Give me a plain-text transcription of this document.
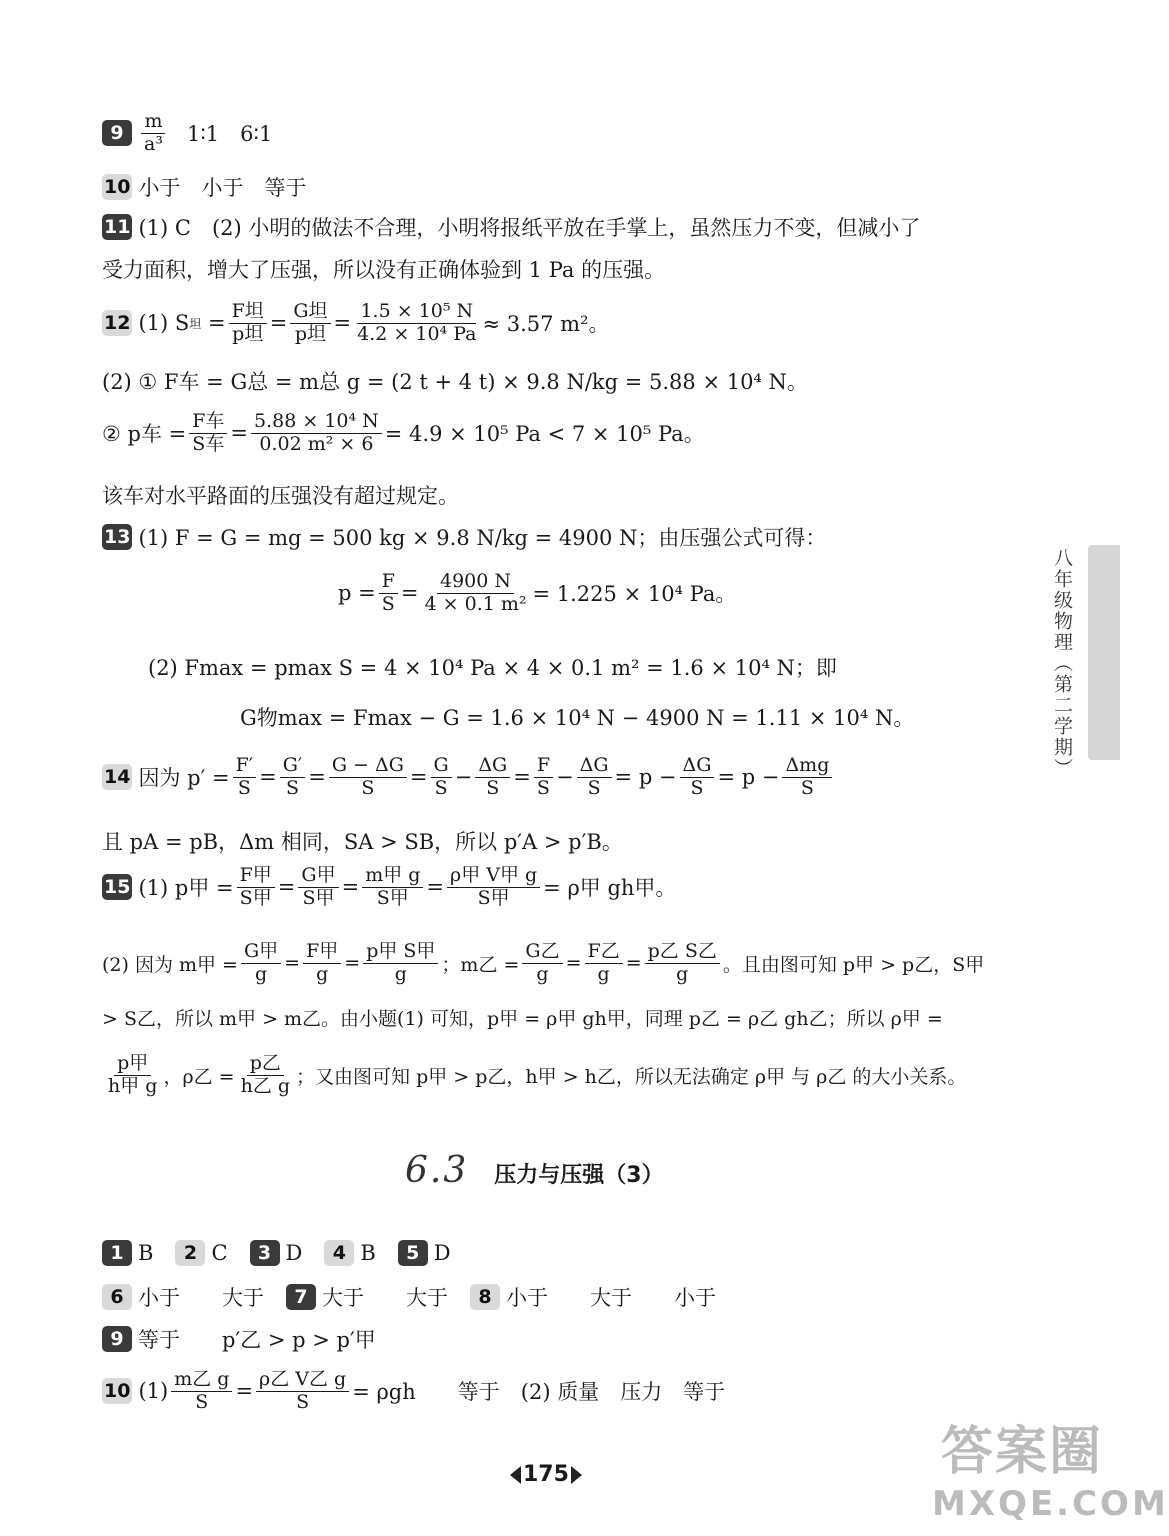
$9 \frac{m}{\text{a³}}$ 1∶1　6∶1
10 小于　小于　等于
11 (1) C　(2) 小明的做法不合理，小明将报纸平放在手掌上，虽然压力不变，但减小了
受力面积，增大了压强，所以没有正确体验到 1 Pa 的压强。
12 (1) S 坦 = $\frac{\text{F坦}}{\text{p坦}} = \frac{\text{G坦}}{\text{p坦}} = \frac{\text{1.5 × 10⁵ N}}{\text{4.2 × 10⁴ Pa}} \approx 3.57$ m²。
(2) ① F车 = G总 = m总 g = (2 t + 4 t) × 9.8 N/kg = 5.88 × 10⁴ N。
② p车 = $\frac{\text{F车}}{\text{S车}} = \frac{\text{5.88 × 10⁴ N}}{\text{0.02 m² × 6}} = 4.9 \times 10^5$ Pa < 7 × 10⁵ Pa。
该车对水平路面的压强没有超过规定。
13 (1) F = G = mg = 500 kg × 9.8 N/kg = 4900 N；由压强公式可得：
$p = \frac{F}{S} = \frac{4900 N}{\text{4 × 0.1 m²}} = 1.225 \times 10^4$ Pa。
(2) Fmax = pmax S = 4 × 10⁴ Pa × 4 × 0.1 m² = 1.6 × 10⁴ N；即
G物max = Fmax − G = 1.6 × 10⁴ N − 4900 N = 1.11 × 10⁴ N。
14 因为 $p' = \frac{F'}{S} = \frac{G'}{S} = \frac{G - \Delta G}{S} = \frac{G}{S} - \frac{\Delta G}{S} = \frac{F}{S} - \frac{\Delta G}{S} = p - \frac{\Delta G}{S} = p - \frac{\text{Δmg}}{S}$
且 pA = pB，Δm 相同，SA > SB，所以 p′A > p′B。
15 (1) p甲 = $\frac{\text{F甲}}{\text{S甲}} = \frac{\text{G甲}}{\text{S甲}} = \frac{\text{m甲 g}}{\text{S甲}} = \frac{\text{ρ甲 V甲 g}}{\text{S甲}} = \rho$甲 gh甲。
(2) 因为 m甲 = $\frac{\text{G甲}}{g} = \frac{\text{F甲}}{g} = \frac{\text{p甲 S甲}}{g}$ ；m乙 = $\frac{\text{G乙}}{g} = \frac{\text{F乙}}{g} = \frac{\text{p乙 S乙}}{g}$ 。且由图可知 p甲 > p乙，S甲
> S乙，所以 m甲 > m乙。由小题(1) 可知，p甲 = ρ甲 gh甲，同理 p乙 = ρ乙 gh乙；所以 ρ甲 =
$\frac{\text{p甲}}{\text{h甲 g}}$ ，ρ乙 = $\frac{\text{p乙}}{\text{h乙 g}}$ ；又由图可知 p甲 > p乙，h甲 > h乙，所以无法确定 ρ甲 与 ρ乙 的大小关系。
6.3 压力与压强（3）
1 B	2 C	3 D	4 B	5 D
6 小于　　大于	7 大于　　大于	8 小于　　大于　　小于
9 等于　　p′乙 > p > p′甲
10 $(1) \frac{\text{m乙 g}}{S} = \frac{\text{ρ乙 V乙 g}}{S} = \rho gh$　　等于　(2) 质量　压力　等于
八年级物理（第二学期）
175	答案圈
MXQE.COM
